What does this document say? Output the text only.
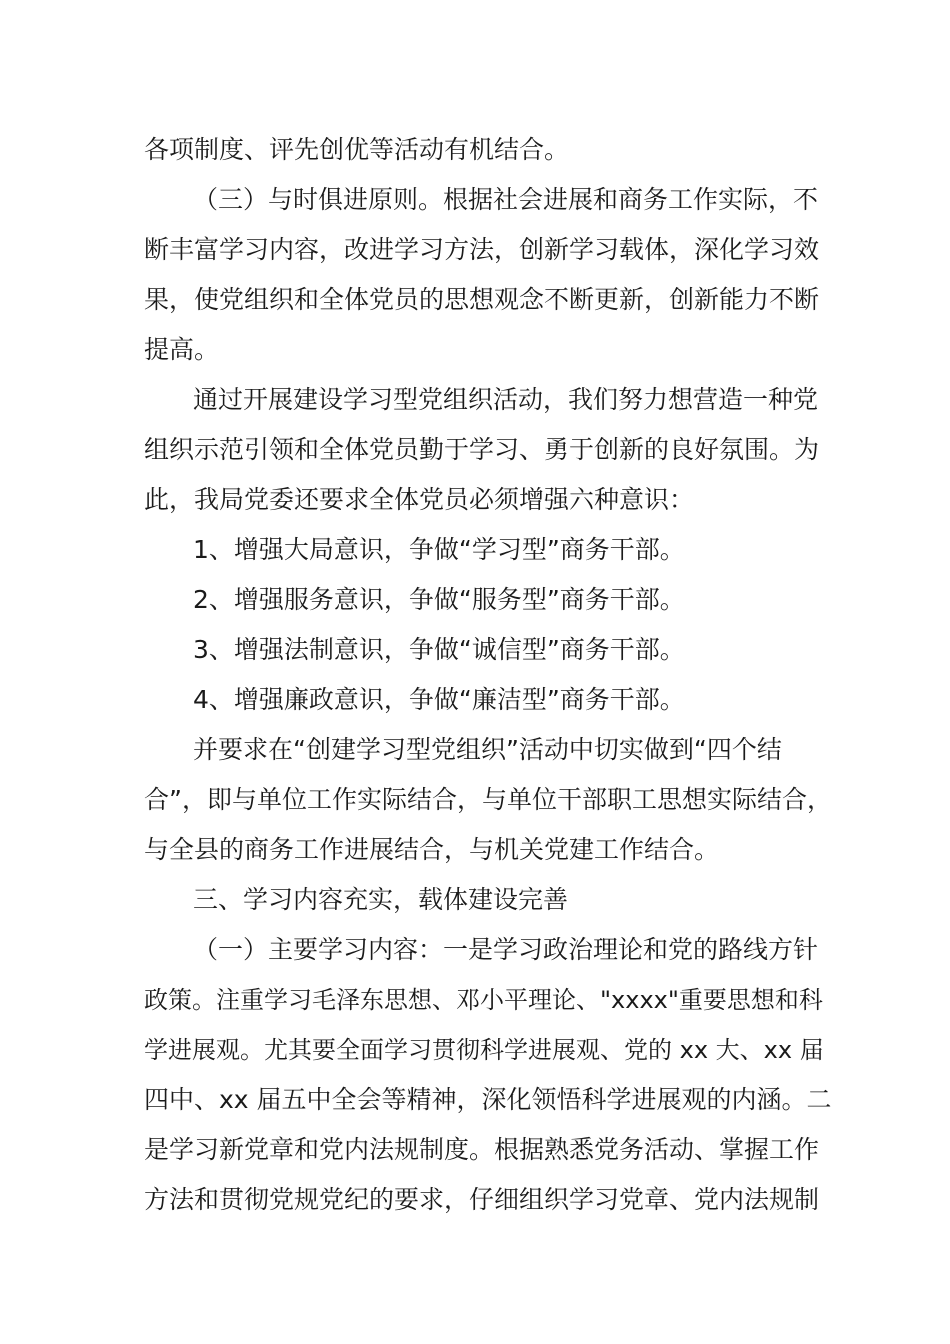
各项制度、评先创优等活动有机结合。
（三）与时俱进原则。根据社会进展和商务工作实际，不
断丰富学习内容，改进学习方法，创新学习载体，深化学习效
果，使党组织和全体党员的思想观念不断更新，创新能力不断
提高。
通过开展建设学习型党组织活动，我们努力想营造一种党
组织示范引领和全体党员勤于学习、勇于创新的良好氛围。为
此，我局党委还要求全体党员必须增强六种意识：
1、增强大局意识，争做“学习型”商务干部。
2、增强服务意识，争做“服务型”商务干部。
3、增强法制意识，争做“诚信型”商务干部。
4、增强廉政意识，争做“廉洁型”商务干部。
并要求在“创建学习型党组织”活动中切实做到“四个结
合”，即与单位工作实际结合，与单位干部职工思想实际结合，
与全县的商务工作进展结合，与机关党建工作结合。
三、学习内容充实，载体建设完善
（一）主要学习内容：一是学习政治理论和党的路线方针
政策。注重学习毛泽东思想、邓小平理论、"xxxx"重要思想和科
学进展观。尤其要全面学习贯彻科学进展观、党的 xx 大、xx 届
四中、xx 届五中全会等精神，深化领悟科学进展观的内涵。二
是学习新党章和党内法规制度。根据熟悉党务活动、掌握工作
方法和贯彻党规党纪的要求，仔细组织学习党章、党内法规制
